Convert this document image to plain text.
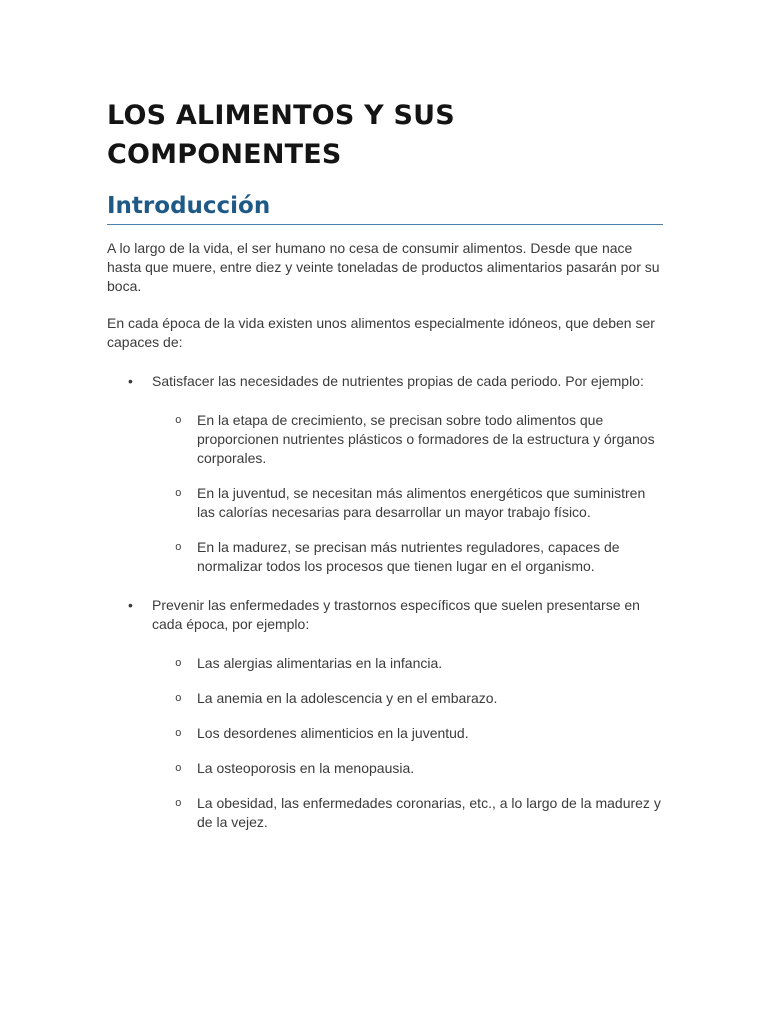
LOS ALIMENTOS Y SUS COMPONENTES
Introducción

A lo largo de la vida, el ser humano no cesa de consumir alimentos. Desde que nace hasta que muere, entre diez y veinte toneladas de productos alimentarios pasarán por su boca.

En cada época de la vida existen unos alimentos especialmente idóneos, que deben ser capaces de:

• Satisfacer las necesidades de nutrientes propias de cada periodo. Por ejemplo:
o En la etapa de crecimiento, se precisan sobre todo alimentos que proporcionen nutrientes plásticos o formadores de la estructura y órganos corporales.
o En la juventud, se necesitan más alimentos energéticos que suministren las calorías necesarias para desarrollar un mayor trabajo físico.
o En la madurez, se precisan más nutrientes reguladores, capaces de normalizar todos los procesos que tienen lugar en el organismo.
• Prevenir las enfermedades y trastornos específicos que suelen presentarse en cada época, por ejemplo:
o Las alergias alimentarias en la infancia.
o La anemia en la adolescencia y en el embarazo.
o Los desordenes alimenticios en la juventud.
o La osteoporosis en la menopausia.
o La obesidad, las enfermedades coronarias, etc., a lo largo de la madurez y de la vejez.
